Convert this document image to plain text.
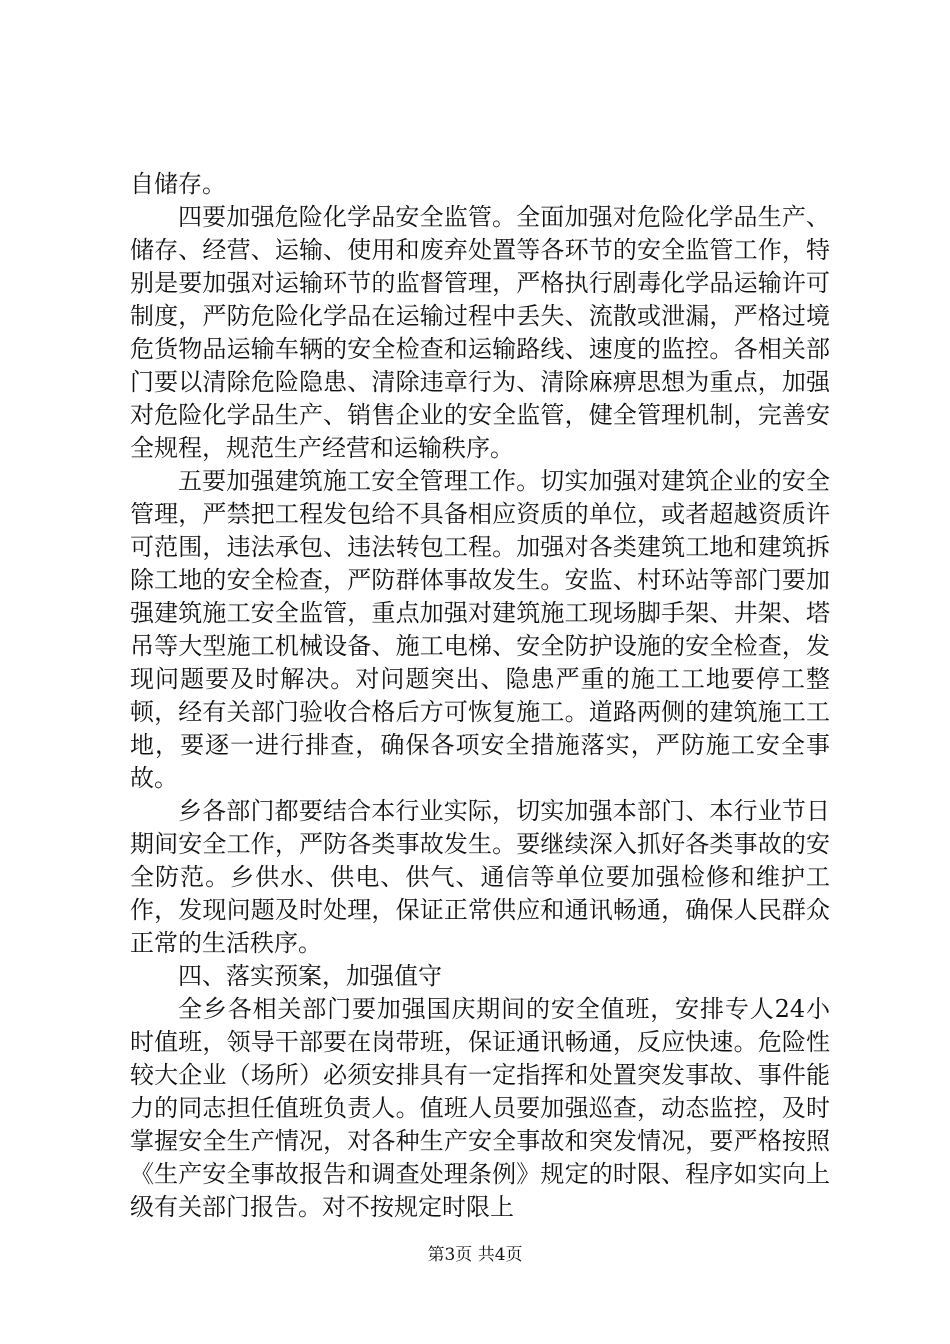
自储存。

四要加强危险化学品安全监管。全面加强对危险化学品生产、储存、经营、运输、使用和废弃处置等各环节的安全监管工作，特别是要加强对运输环节的监督管理，严格执行剧毒化学品运输许可制度，严防危险化学品在运输过程中丢失、流散或泄漏，严格过境危货物品运输车辆的安全检查和运输路线、速度的监控。各相关部门要以清除危险隐患、清除违章行为、清除麻痹思想为重点，加强对危险化学品生产、销售企业的安全监管，健全管理机制，完善安全规程，规范生产经营和运输秩序。

五要加强建筑施工安全管理工作。切实加强对建筑企业的安全管理，严禁把工程发包给不具备相应资质的单位，或者超越资质许可范围，违法承包、违法转包工程。加强对各类建筑工地和建筑拆除工地的安全检查，严防群体事故发生。安监、村环站等部门要加强建筑施工安全监管，重点加强对建筑施工现场脚手架、井架、塔吊等大型施工机械设备、施工电梯、安全防护设施的安全检查，发现问题要及时解决。对问题突出、隐患严重的施工工地要停工整顿，经有关部门验收合格后方可恢复施工。道路两侧的建筑施工工地，要逐一进行排查，确保各项安全措施落实，严防施工安全事故。

乡各部门都要结合本行业实际，切实加强本部门、本行业节日期间安全工作，严防各类事故发生。要继续深入抓好各类事故的安全防范。乡供水、供电、供气、通信等单位要加强检修和维护工作，发现问题及时处理，保证正常供应和通讯畅通，确保人民群众正常的生活秩序。

四、落实预案，加强值守

全乡各相关部门要加强国庆期间的安全值班，安排专人24小时值班，领导干部要在岗带班，保证通讯畅通，反应快速。危险性较大企业（场所）必须安排具有一定指挥和处置突发事故、事件能力的同志担任值班负责人。值班人员要加强巡查，动态监控，及时掌握安全生产情况，对各种生产安全事故和突发情况，要严格按照《生产安全事故报告和调查处理条例》规定的时限、程序如实向上级有关部门报告。对不按规定时限上

第3页 共4页
